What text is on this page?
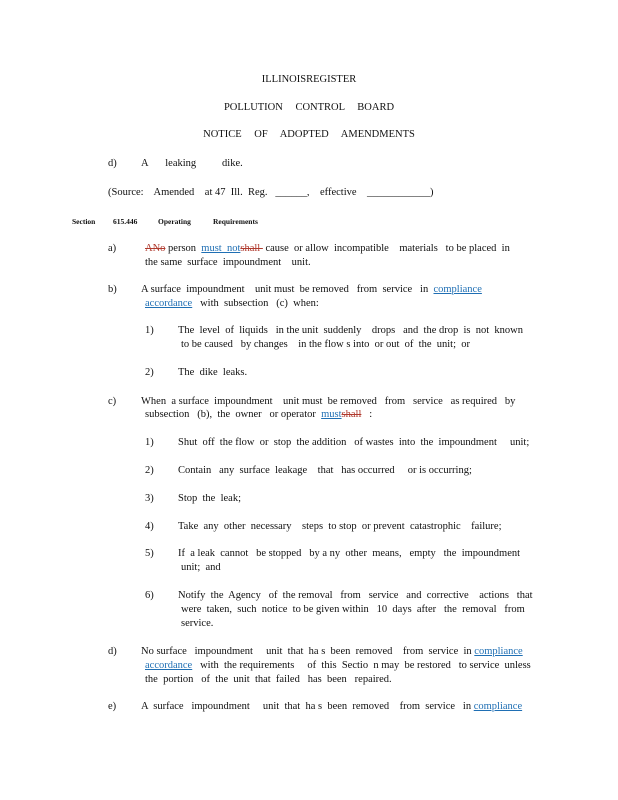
ILLINOISREGISTER
POLLUTION CONTROL BOARD
NOTICE OF ADOPTED AMENDMENTS
d) A  leaking   dike.
(Source:    Amended    at 47  Ill.  Reg.   ______,    effective    ____________)
Section 615.446	Operating	Requirements
a)	ANo person  must  notshall  cause  or allow  incompatible    materials   to be placed  in
the same  surface  impoundment    unit.
b) A surface  impoundment    unit must  be removed   from  service   in  compliance
accordance   with  subsection   (c)  when:
1) The  level  of  liquids   in the unit  suddenly    drops   and  the drop  is  not  known
to be caused   by changes    in the flow s into  or out  of  the  unit;  or
2) The  dike  leaks.
c) When  a surface  impoundment    unit must  be removed   from   service   as required   by
subsection   (b),  the  owner   or operator  mustshall   :
1) Shut  off  the flow  or  stop  the addition   of wastes  into  the  impoundment     unit;
2) Contain   any  surface  leakage    that   has occurred     or is occurring;
3) Stop  the  leak;
4) Take  any  other  necessary    steps  to stop  or prevent  catastrophic    failure;
5) If  a leak  cannot   be stopped   by a ny  other  means,   empty   the  impoundment
unit;  and
6) Notify  the  Agency   of  the removal   from   service   and  corrective    actions   that
were  taken,  such  notice  to be given within   10  days  after   the  removal   from
service.
d) No surface   impoundment     unit  that  ha s  been  removed    from  service  in compliance
accordance   with  the requirements     of  this  Sectio  n may  be restored   to service  unless
the  portion   of  the  unit  that  failed   has  been   repaired.
e) A  surface   impoundment     unit  that  ha s  been  removed    from  service   in compliance
